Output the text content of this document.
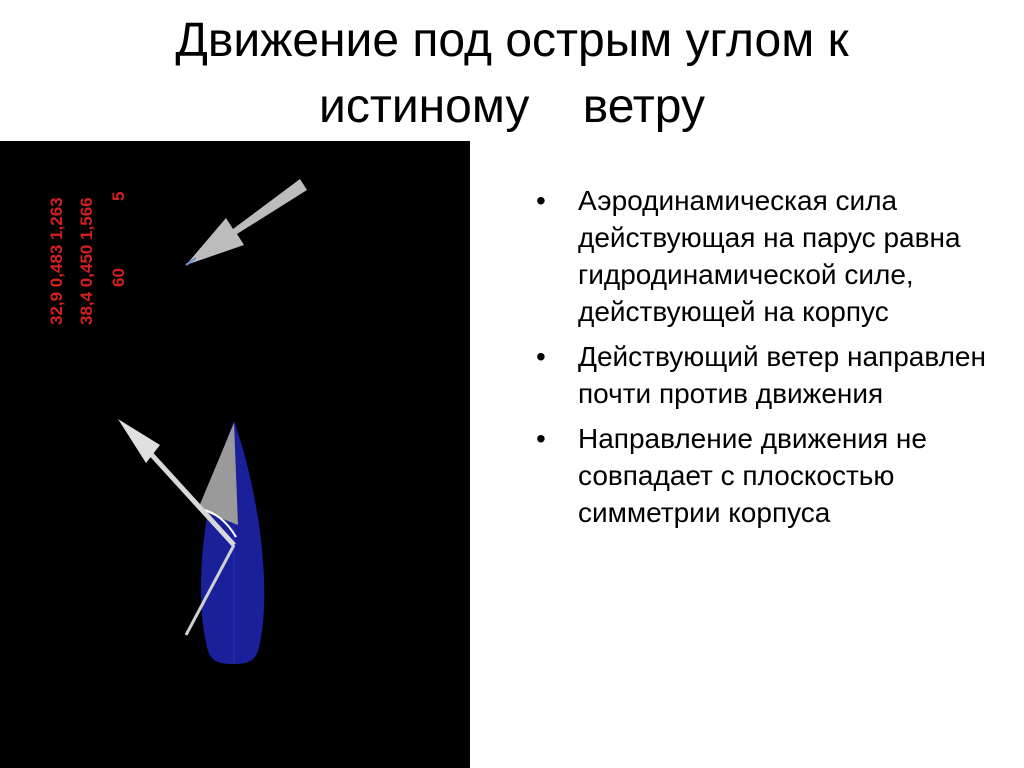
Движение под острым углом к
истиному    ветру
32,9 0,483 1,263 38,4 0,450 1,566 60
5	• Аэродинамическая сила действующая на парус равна гидродинамической силе, действующей на корпус
• Действующий ветер направлен почти против движения
• Направление движения не совпадает с плоскостью симметрии корпуса
